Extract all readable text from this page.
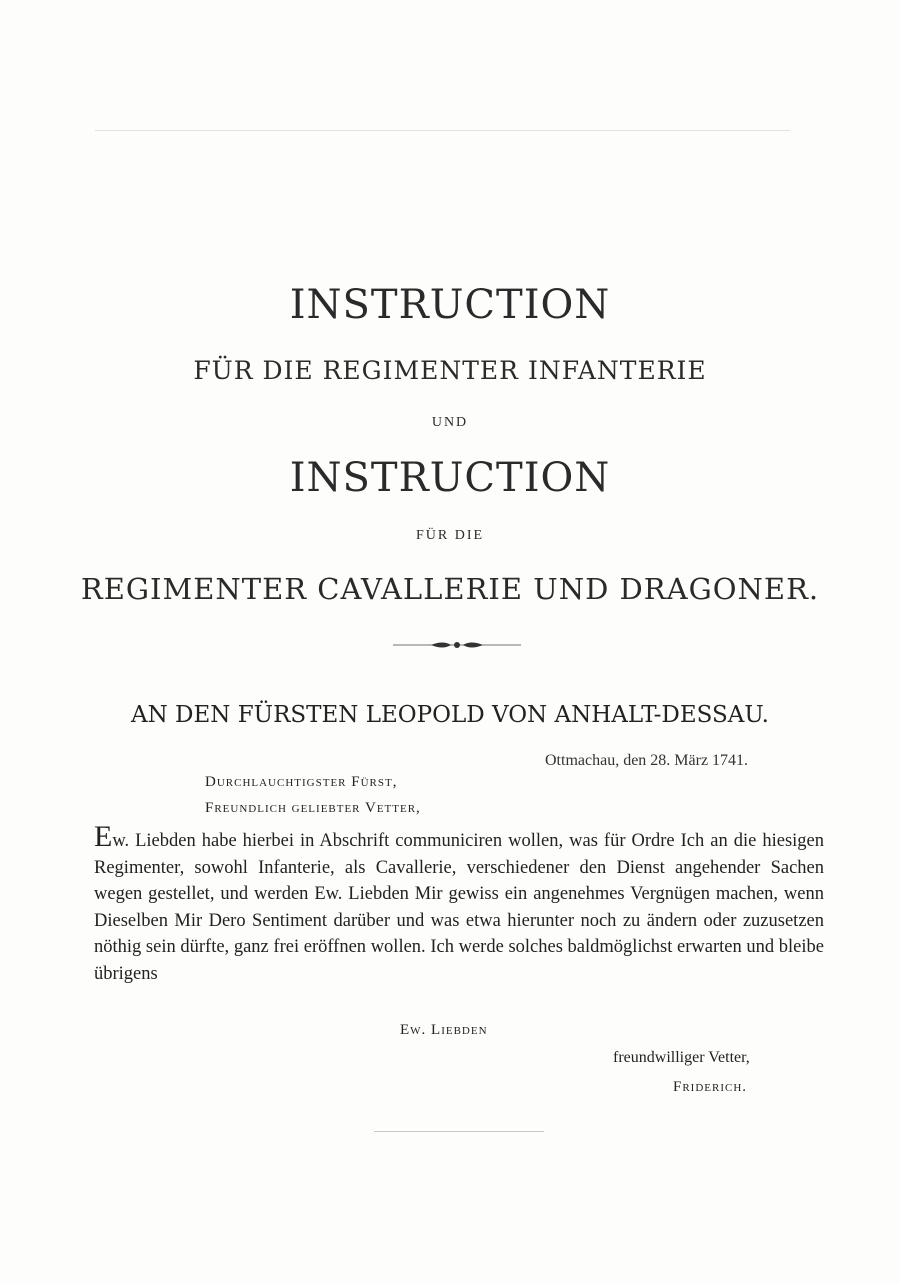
INSTRUCTION
FÜR DIE REGIMENTER INFANTERIE
UND
INSTRUCTION
FÜR DIE
REGIMENTER CAVALLERIE UND DRAGONER.
AN DEN FÜRSTEN LEOPOLD VON ANHALT-DESSAU.
Ottmachau, den 28. März 1741.
Durchlauchtigster Fürst,
Freundlich geliebter Vetter,
Ew. Liebden habe hierbei in Abschrift communiciren wollen, was für Ordre Ich an die hiesigen Regimenter, sowohl Infanterie, als Cavallerie, verschiedener den Dienst angehender Sachen wegen gestellet, und werden Ew. Liebden Mir gewiss ein angenehmes Vergnügen machen, wenn Dieselben Mir Dero Sentiment darüber und was etwa hierunter noch zu ändern oder zuzusetzen nöthig sein dürfte, ganz frei eröffnen wollen. Ich werde solches baldmöglichst erwarten und bleibe übrigens
Ew. Liebden
freundwilliger Vetter,
Friderich.
